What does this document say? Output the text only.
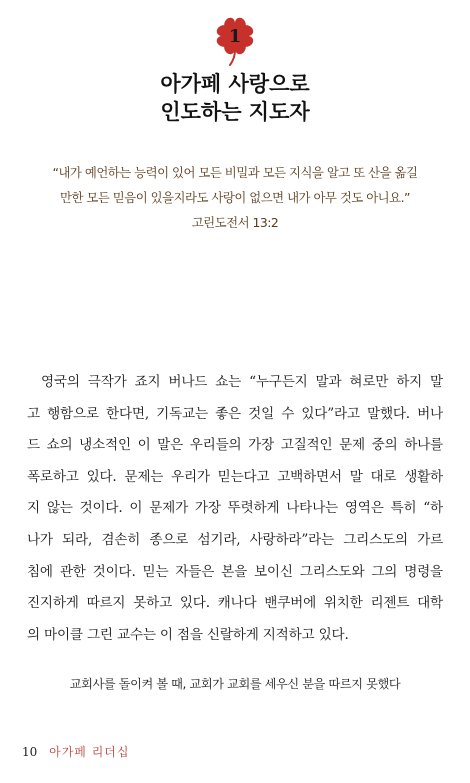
1
아가페 사랑으로
인도하는 지도자
“내가 예언하는 능력이 있어 모든 비밀과 모든 지식을 알고 또 산을 옮길
만한 모든 믿음이 있을지라도 사랑이 없으면 내가 아무 것도 아니요.”
고린도전서 13:2
영국의 극작가 죠지 버나드 쇼는 “누구든지 말과 혀로만 하지 말
고 행함으로 한다면, 기독교는 좋은 것일 수 있다”라고 말했다. 버나
드 쇼의 냉소적인 이 말은 우리들의 가장 고질적인 문제 중의 하나를
폭로하고 있다. 문제는 우리가 믿는다고 고백하면서 말 대로 생활하
지 않는 것이다. 이 문제가 가장 뚜렷하게 나타나는 영역은 특히 “하
나가 되라, 겸손히 종으로 섬기라, 사랑하라”라는 그리스도의 가르
침에 관한 것이다. 믿는 자들은 본을 보이신 그리스도와 그의 명령을
진지하게 따르지 못하고 있다. 캐나다 밴쿠버에 위치한 리젠트 대학
의 마이클 그린 교수는 이 점을 신랄하게 지적하고 있다.
교회사를 돌이켜 볼 때, 교회가 교회를 세우신 분을 따르지 못했다
10 아가페 리더십
